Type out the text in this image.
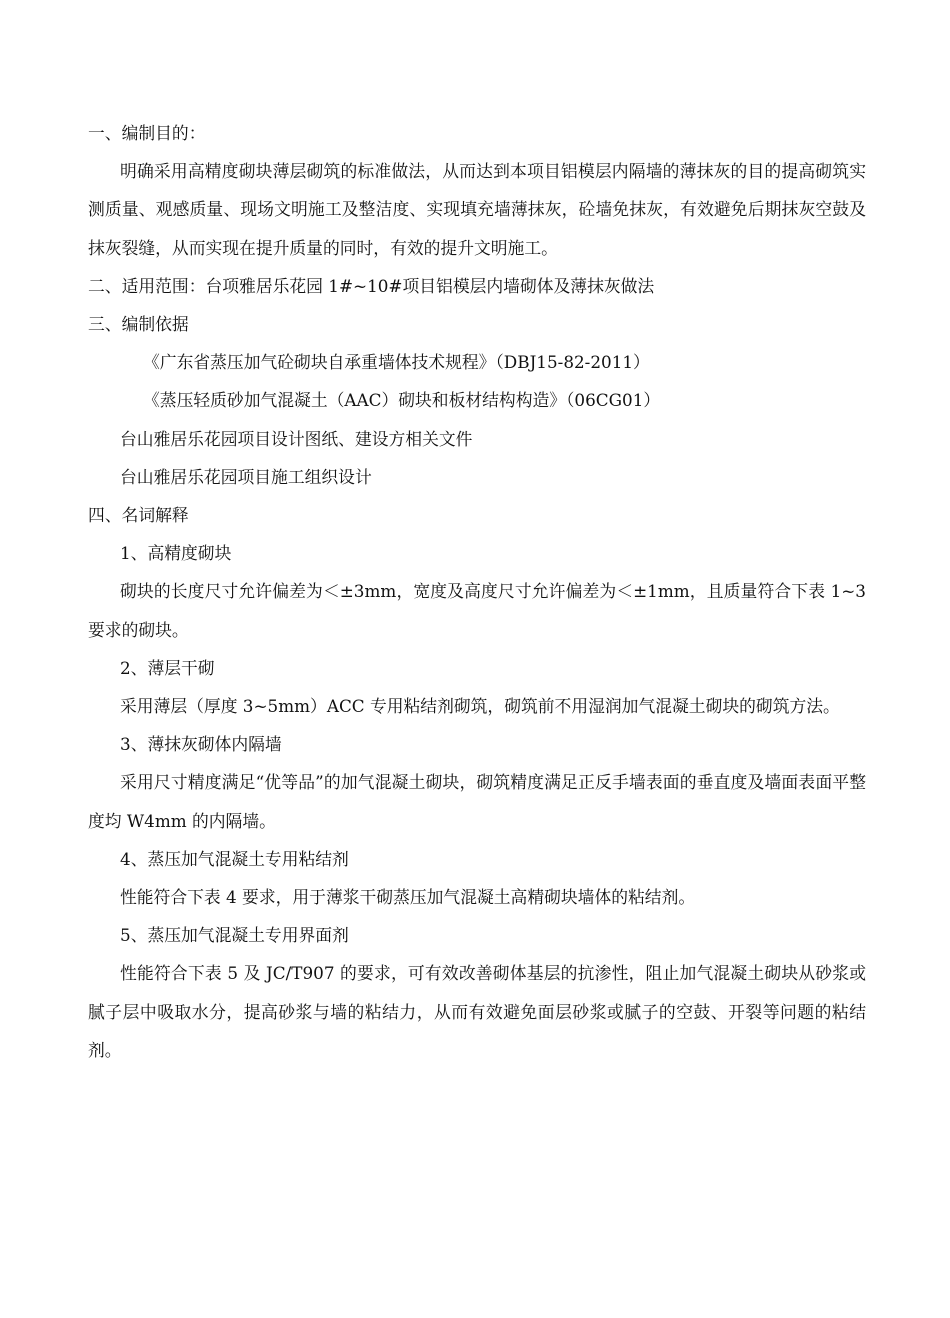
一、编制目的：

明确采用高精度砌块薄层砌筑的标准做法，从而达到本项目铝模层内隔墙的薄抹灰的目的提高砌筑实测质量、观感质量、现场文明施工及整洁度、实现填充墙薄抹灰，砼墙免抹灰，有效避免后期抹灰空鼓及抹灰裂缝，从而实现在提升质量的同时，有效的提升文明施工。

二、适用范围：台项雅居乐花园 1#~10#项目铝模层内墙砌体及薄抹灰做法

三、编制依据

《广东省蒸压加气砼砌块自承重墙体技术规程》（DBJ15-82-2011）

《蒸压轻质砂加气混凝土（AAC）砌块和板材结构构造》（06CG01）

台山雅居乐花园项目设计图纸、建设方相关文件

台山雅居乐花园项目施工组织设计

四、名词解释

1、高精度砌块

砌块的长度尺寸允许偏差为＜±3mm，宽度及高度尺寸允许偏差为＜±1mm，且质量符合下表 1~3 要求的砌块。

2、薄层干砌

采用薄层（厚度 3~5mm）ACC 专用粘结剂砌筑，砌筑前不用湿润加气混凝土砌块的砌筑方法。

3、薄抹灰砌体内隔墙

采用尺寸精度满足“优等品”的加气混凝土砌块，砌筑精度满足正反手墙表面的垂直度及墙面表面平整度均 W4mm 的内隔墙。

4、蒸压加气混凝土专用粘结剂

性能符合下表 4 要求，用于薄浆干砌蒸压加气混凝土高精砌块墙体的粘结剂。

5、蒸压加气混凝土专用界面剂

性能符合下表 5 及 JC/T907 的要求，可有效改善砌体基层的抗渗性，阻止加气混凝土砌块从砂浆或腻子层中吸取水分，提高砂浆与墙的粘结力，从而有效避免面层砂浆或腻子的空鼓、开裂等问题的粘结剂。
